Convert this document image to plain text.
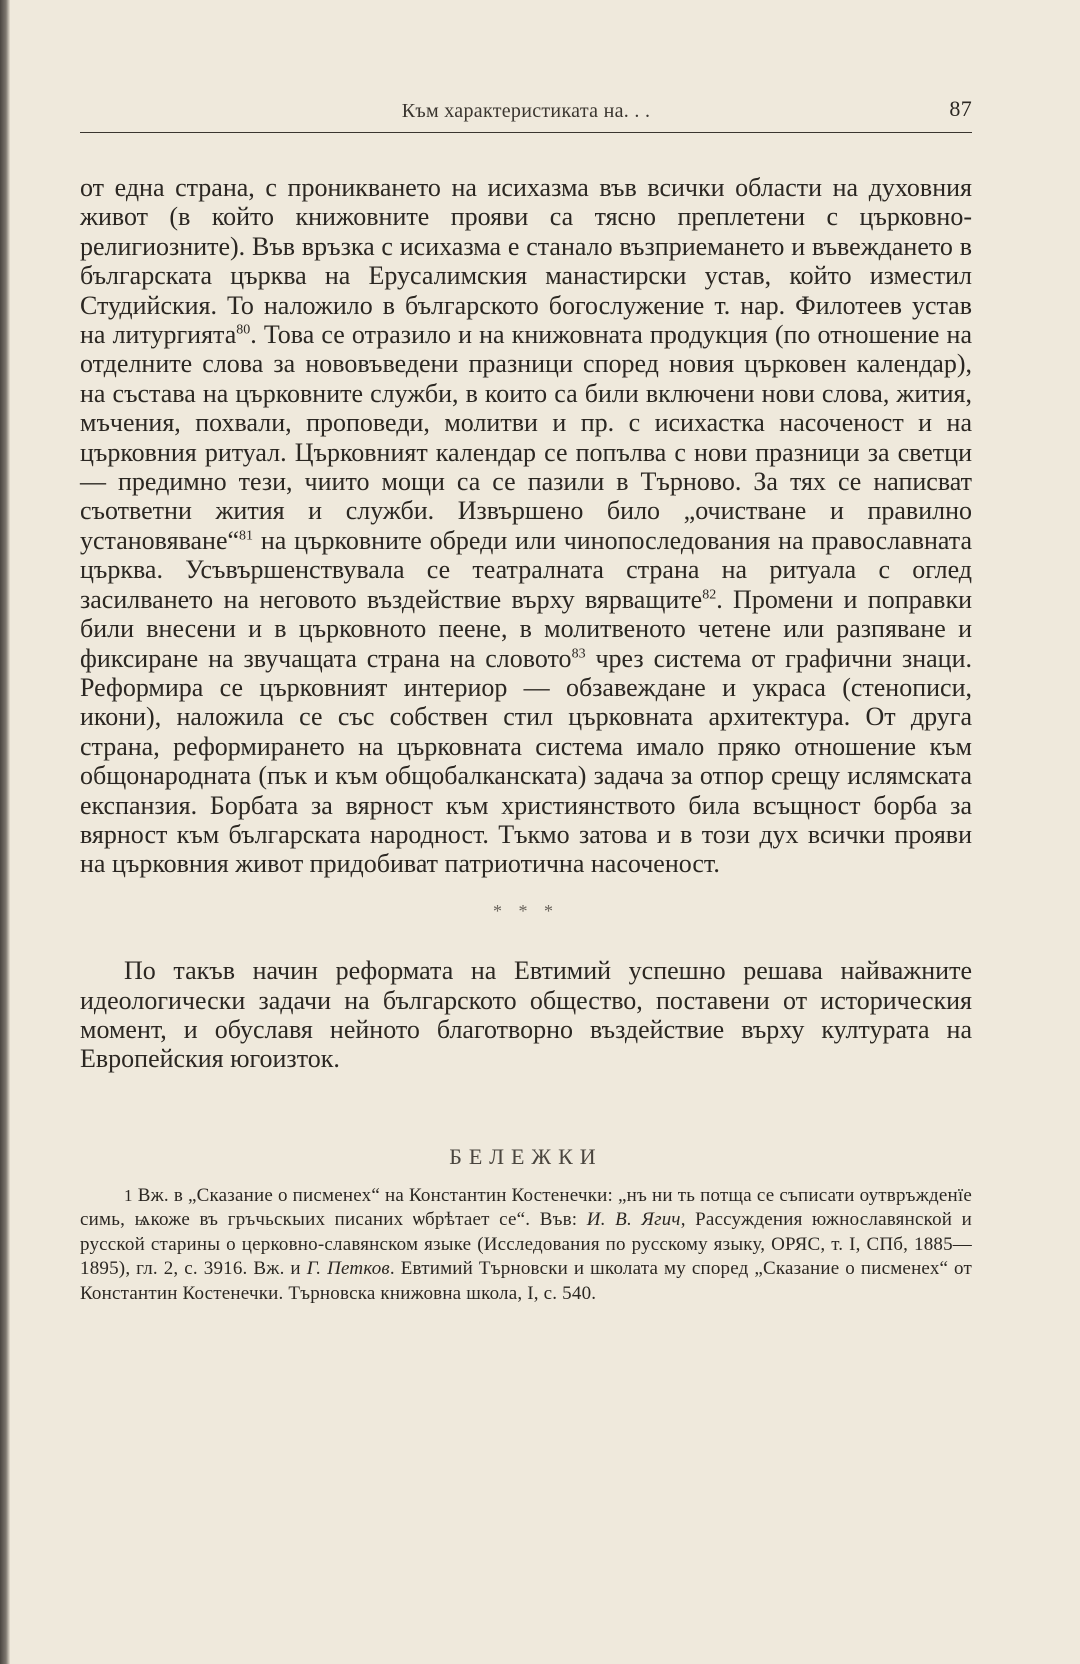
Към характеристиката на. . .	87

от една страна, с проникването на исихазма във всички области на духовния живот (в който книжовните прояви са тясно преплетени с църковно-религиозните). Във връзка с исихазма е станало възприемането и въвеждането в българската църква на Ерусалимския манастирски устав, който изместил Студийския. То наложило в българското богослужение т. нар. Филотеев устав на литургията$^{80}$. Това се отразило и на книжовната продукция (по отношение на отделните слова за нововъведени празници според новия църковен календар), на състава на църковните служби, в които са били включени нови слова, жития, мъчения, похвали, проповеди, молитви и пр. с исихастка насоченост и на църковния ритуал. Църковният календар се попълва с нови празници за светци — предимно тези, чиито мощи са се пазили в Търново. За тях се написват съответни жития и служби. Извършено било „очистване и правилно установяване“$^{81}$ на църковните обреди или чинопоследования на православната църква. Усъвършенствувала се театралната страна на ритуала с оглед засилването на неговото въздействие върху вярващите$^{82}$. Промени и поправки били внесени и в църковното пеене, в молитвеното четене или разпяване и фиксиране на звучащата страна на словото$^{83}$ чрез система от графични знаци. Реформира се църковният интериор — обзавеждане и украса (стенописи, икони), наложила се със собствен стил църковната архитектура. От друга страна, реформирането на църковната система имало пряко отношение към общонародната (пък и към общобалканската) задача за отпор срещу ислямската експанзия. Борбата за вярност към християнството била всъщност борба за вярност към българската народност. Тъкмо затова и в този дух всички прояви на църковния живот придобиват патриотична насоченост.

* * *

По такъв начин реформата на Евтимий успешно решава найважните идеологически задачи на българското общество, поставени от историческия момент, и обуславя нейното благотворно въздействие върху културата на Европейския югоизток.

БЕЛЕЖКИ

1 Вж. в „Сказание о писменех“ на Константин Костенечки: „нъ ни ть потща се съписати оутвръжденїе симь, ѩкоже въ гръчьскыих писаних ѡбрѣтает се“. Във: И. В. Ягич, Рассуждения южнославянской и русской старины о церковно-славянском языке (Исследования по русскому языку, ОРЯС, т. I, СПб, 1885—1895), гл. 2, с. 3916. Вж. и Г. Петков. Евтимий Търновски и школата му според „Сказание о писменех“ от Константин Костенечки. Търновска книжовна школа, I, с. 540.
